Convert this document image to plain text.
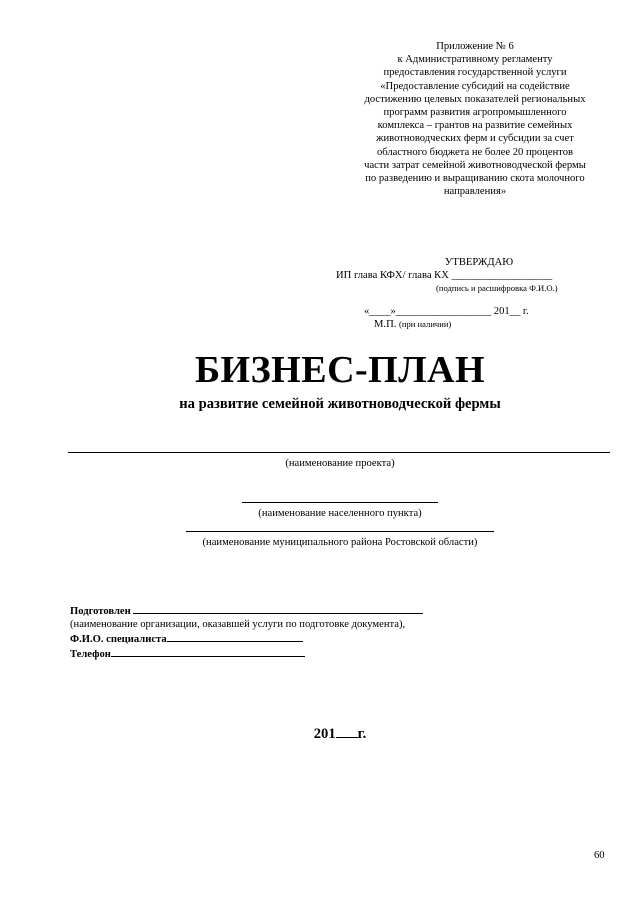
Приложение № 6
к Административному регламенту
предоставления государственной услуги
«Предоставление субсидий на содействие
достижению целевых показателей региональных
программ развития агропромышленного
комплекса – грантов на развитие семейных
животноводческих ферм и субсидии за счет
областного бюджета не более 20 процентов
части затрат семейной животноводческой фермы
по разведению и выращиванию скота молочного
направления»
УТВЕРЖДАЮ
ИП глава КФХ/ глава КХ ___________________
(подпись и расшифровка Ф.И.О.)
«____»__________________ 201__ г.
М.П. (при наличии)
БИЗНЕС-ПЛАН
на развитие семейной животноводческой фермы
(наименование проекта)
(наименование населенного пункта)
(наименование муниципального района Ростовской области)
Подготовлен
(наименование организации, оказавшей услуги по подготовке документа),
Ф.И.О. специалиста
Телефон
201 г.
60
